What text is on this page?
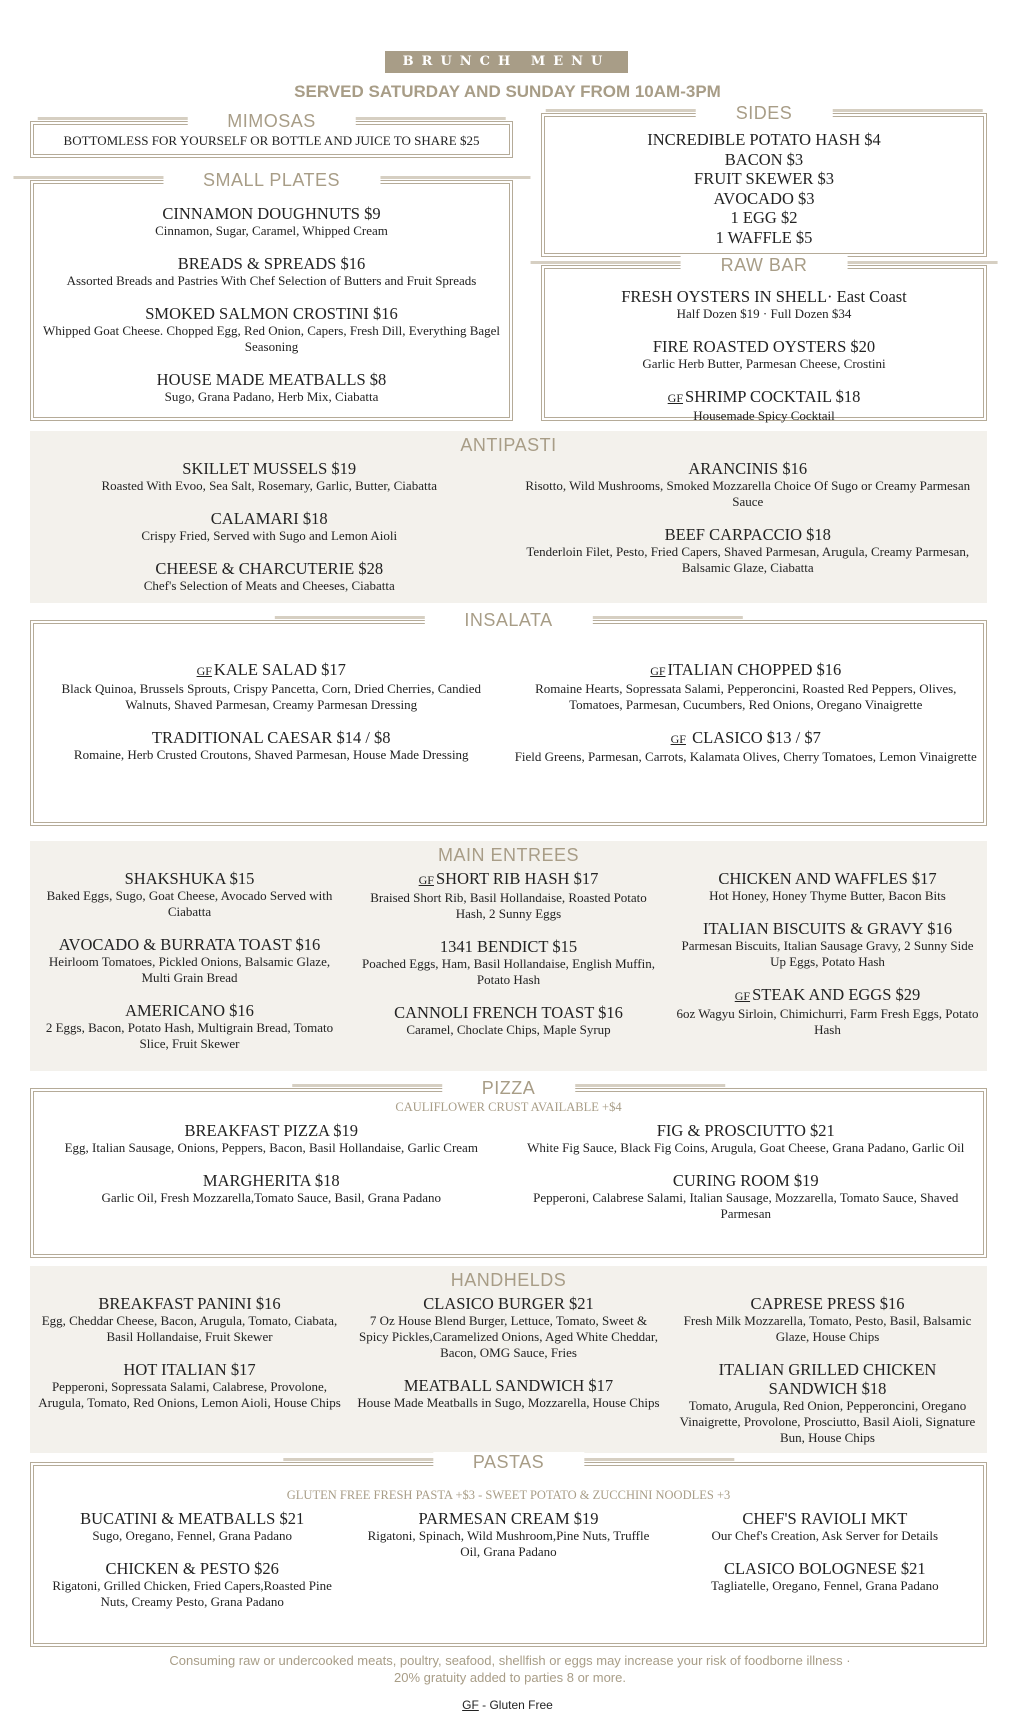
BRUNCH MENU
SERVED SATURDAY AND SUNDAY FROM 10AM-3PM
MIMOSAS
BOTTOMLESS FOR YOURSELF OR BOTTLE AND JUICE TO SHARE $25
SIDES
INCREDIBLE POTATO HASH $4
BACON $3
FRUIT SKEWER $3
AVOCADO $3
1 EGG $2
1 WAFFLE $5
SMALL PLATES
CINNAMON DOUGHNUTS $9
Cinnamon, Sugar, Caramel, Whipped Cream
BREADS & SPREADS $16
Assorted Breads and Pastries With Chef Selection of Butters and Fruit Spreads
SMOKED SALMON CROSTINI $16
Whipped Goat Cheese. Chopped Egg, Red Onion, Capers, Fresh Dill, Everything Bagel Seasoning
HOUSE MADE MEATBALLS $8
Sugo, Grana Padano, Herb Mix, Ciabatta
RAW BAR
FRESH OYSTERS IN SHELL· East Coast
Half Dozen $19 · Full Dozen $34
FIRE ROASTED OYSTERS $20
Garlic Herb Butter, Parmesan Cheese, Crostini
GF SHRIMP COCKTAIL $18
Housemade Spicy Cocktail
ANTIPASTI
SKILLET MUSSELS $19
Roasted With Evoo, Sea Salt, Rosemary, Garlic, Butter, Ciabatta
CALAMARI $18
Crispy Fried, Served with Sugo and Lemon Aioli
CHEESE & CHARCUTERIE $28
Chef's Selection of Meats and Cheeses, Ciabatta
ARANCINIS $16
Risotto, Wild Mushrooms, Smoked Mozzarella Choice Of Sugo or Creamy Parmesan Sauce
BEEF CARPACCIO $18
Tenderloin Filet, Pesto, Fried Capers, Shaved Parmesan, Arugula, Creamy Parmesan, Balsamic Glaze, Ciabatta
INSALATA
GF KALE SALAD $17
Black Quinoa, Brussels Sprouts, Crispy Pancetta, Corn, Dried Cherries, Candied Walnuts, Shaved Parmesan, Creamy Parmesan Dressing
TRADITIONAL CAESAR $14 / $8
Romaine, Herb Crusted Croutons, Shaved Parmesan, House Made Dressing
GF ITALIAN CHOPPED $16
Romaine Hearts, Sopressata Salami, Pepperoncini, Roasted Red Peppers, Olives, Tomatoes, Parmesan, Cucumbers, Red Onions, Oregano Vinaigrette
GF CLASICO $13 / $7
Field Greens, Parmesan, Carrots, Kalamata Olives, Cherry Tomatoes, Lemon Vinaigrette
MAIN ENTREES
SHAKSHUKA $15
Baked Eggs, Sugo, Goat Cheese, Avocado Served with Ciabatta
AVOCADO & BURRATA TOAST $16
Heirloom Tomatoes, Pickled Onions, Balsamic Glaze, Multi Grain Bread
AMERICANO $16
2 Eggs, Bacon, Potato Hash, Multigrain Bread, Tomato Slice, Fruit Skewer
GF SHORT RIB HASH $17
Braised Short Rib, Basil Hollandaise, Roasted Potato Hash, 2 Sunny Eggs
1341 BENDICT $15
Poached Eggs, Ham, Basil Hollandaise, English Muffin, Potato Hash
CANNOLI FRENCH TOAST $16
Caramel, Choclate Chips, Maple Syrup
CHICKEN AND WAFFLES $17
Hot Honey, Honey Thyme Butter, Bacon Bits
ITALIAN BISCUITS & GRAVY $16
Parmesan Biscuits, Italian Sausage Gravy, 2 Sunny Side Up Eggs, Potato Hash
GF STEAK AND EGGS $29
6oz Wagyu Sirloin, Chimichurri, Farm Fresh Eggs, Potato Hash
PIZZA
CAULIFLOWER CRUST AVAILABLE +$4
BREAKFAST PIZZA $19
Egg, Italian Sausage, Onions, Peppers, Bacon, Basil Hollandaise, Garlic Cream
MARGHERITA $18
Garlic Oil, Fresh Mozzarella,Tomato Sauce, Basil, Grana Padano
FIG & PROSCIUTTO $21
White Fig Sauce, Black Fig Coins, Arugula, Goat Cheese, Grana Padano, Garlic Oil
CURING ROOM $19
Pepperoni, Calabrese Salami, Italian Sausage, Mozzarella, Tomato Sauce, Shaved Parmesan
HANDHELDS
BREAKFAST PANINI $16
Egg, Cheddar Cheese, Bacon, Arugula, Tomato, Ciabata, Basil Hollandaise, Fruit Skewer
HOT ITALIAN $17
Pepperoni, Sopressata Salami, Calabrese, Provolone, Arugula, Tomato, Red Onions, Lemon Aioli, House Chips
CLASICO BURGER $21
7 Oz House Blend Burger, Lettuce, Tomato, Sweet & Spicy Pickles,Caramelized Onions, Aged White Cheddar, Bacon, OMG Sauce, Fries
MEATBALL SANDWICH $17
House Made Meatballs in Sugo, Mozzarella, House Chips
CAPRESE PRESS $16
Fresh Milk Mozzarella, Tomato, Pesto, Basil, Balsamic Glaze, House Chips
ITALIAN GRILLED CHICKEN SANDWICH $18
Tomato, Arugula, Red Onion, Pepperoncini, Oregano Vinaigrette, Provolone, Prosciutto, Basil Aioli, Signature Bun, House Chips
PASTAS
GLUTEN FREE FRESH PASTA +$3 - SWEET POTATO & ZUCCHINI NOODLES +3
BUCATINI & MEATBALLS $21
Sugo, Oregano, Fennel, Grana Padano
CHICKEN & PESTO $26
Rigatoni, Grilled Chicken, Fried Capers,Roasted Pine Nuts, Creamy Pesto, Grana Padano
PARMESAN CREAM $19
Rigatoni, Spinach, Wild Mushroom,Pine Nuts, Truffle Oil, Grana Padano
CHEF'S RAVIOLI MKT
Our Chef's Creation, Ask Server for Details
CLASICO BOLOGNESE $21
Tagliatelle, Oregano, Fennel, Grana Padano
Consuming raw or undercooked meats, poultry, seafood, shellfish or eggs may increase your risk of foodborne illness ·
20% gratuity added to parties 8 or more.
GF - Gluten Free
